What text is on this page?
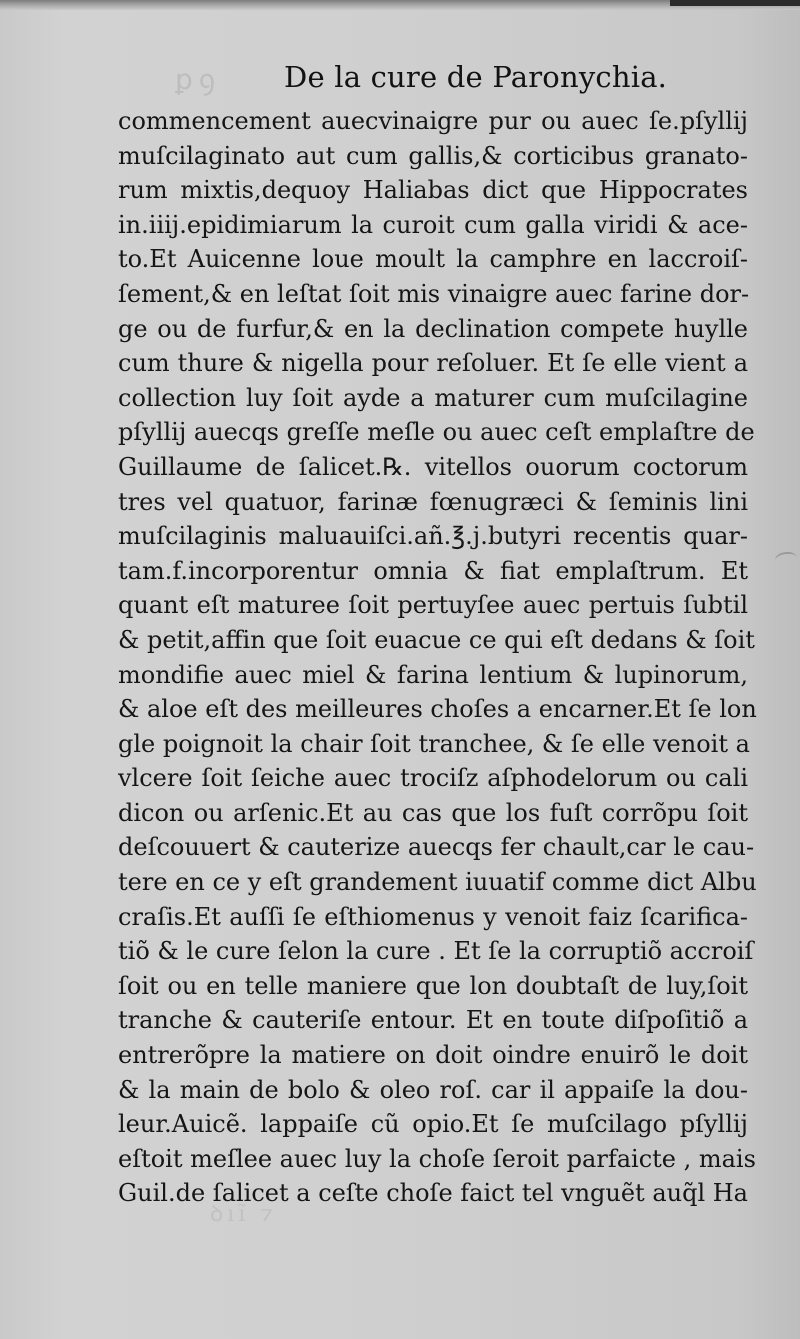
ꝑꝯ
ꝺıı̃ ⁊
De la cure de Paronychia.
commencement auecvinaigre pur ou auec ſe.pſyllij
muſcilaginato aut cum gallis,& corticibus granato-
rum mixtis,dequoy Haliabas dict que Hippocrates
in.iiij.epidimiarum la curoit cum galla viridi & ace-
to.Et Auicenne loue moult la camphre en laccroiſ-
ſement,& en leſtat ſoit mis vinaigre auec farine dor-
ge ou de furfur,& en la declination compete huylle
cum thure & nigella pour reſoluer. Et ſe elle vient a
collection luy ſoit ayde a maturer cum muſcilagine
pſyllij auecqs greſſe meſle ou auec ceſt emplaſtre de
Guillaume de ſalicet.℞. vitellos ouorum coctorum
tres vel quatuor, farinæ fœnugræci & ſeminis lini
muſcilaginis maluauiſci.añ.℥.j.butyri recentis quar-
tam.f.incorporentur omnia & fiat emplaſtrum. Et
quant eſt maturee ſoit pertuyſee auec pertuis ſubtil
& petit,affin que ſoit euacue ce qui eſt dedans & ſoit
mondifie auec miel & farina lentium & lupinorum,
& aloe eſt des meilleures choſes a encarner.Et ſe lon
gle poignoit la chair ſoit tranchee, & ſe elle venoit a
vlcere ſoit ſeiche auec trociſz aſphodelorum ou cali
dicon ou arſenic.Et au cas que los fuſt corrõpu ſoit
deſcouuert & cauterize auecqs fer chault,car le cau-
tere en ce y eſt grandement iuuatif comme dict Albu
craſis.Et auſſi ſe eſthiomenus y venoit faiz ſcarifica-
tiõ & le cure ſelon la cure . Et ſe la corruptiõ accroiſ
ſoit ou en telle maniere que lon doubtaſt de luy,ſoit
tranche & cauteriſe entour. Et en toute diſpoſitiõ a
entrerõpre la matiere on doit oindre enuirõ le doit
& la main de bolo & oleo roſ. car il appaiſe la dou-
leur.Auicẽ. lappaiſe cũ opio.Et ſe muſcilago pſyllij
eſtoit meſlee auec luy la choſe ſeroit parfaicte , mais
Guil.de ſalicet a ceſte choſe faict tel vnguẽt auq̃l Ha
